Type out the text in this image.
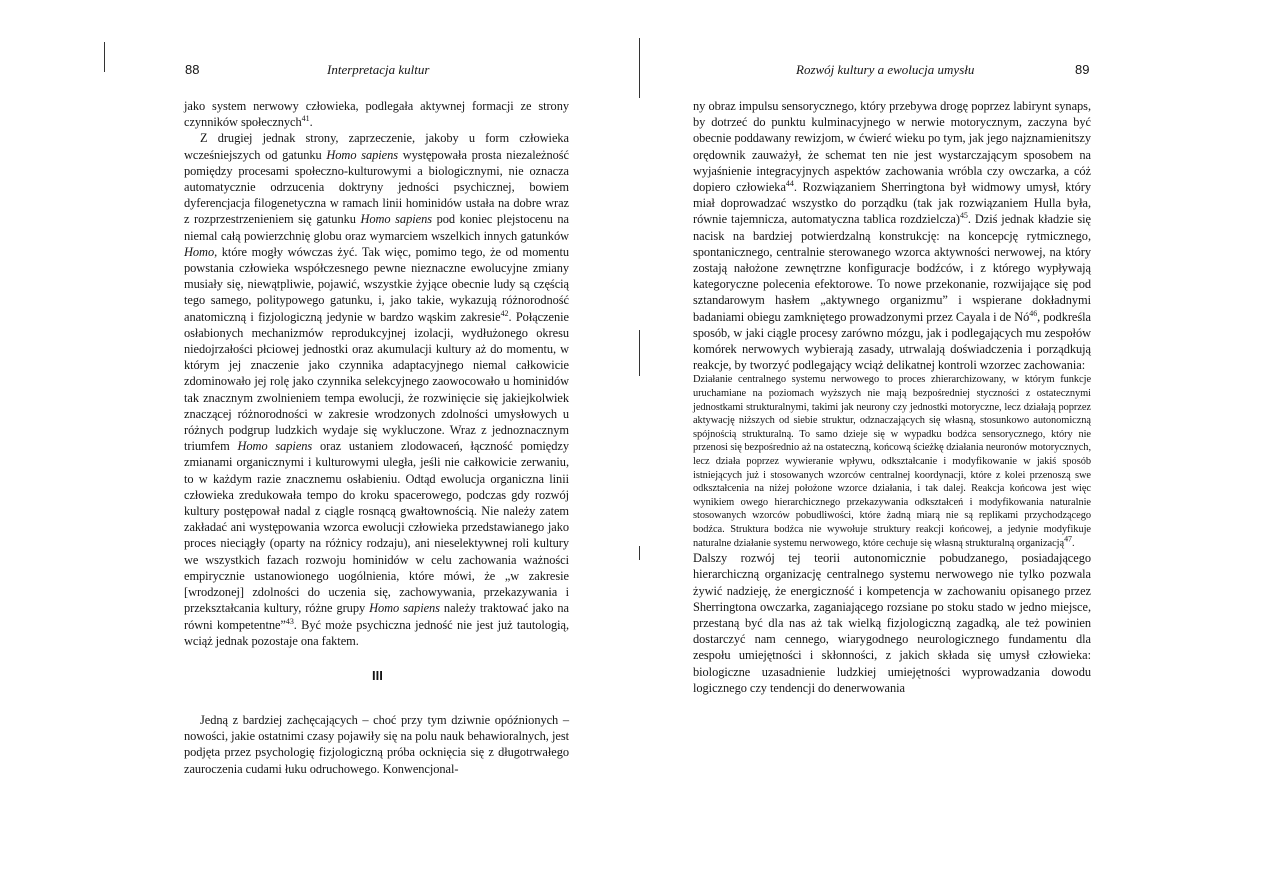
88	Interpretacja kultur

jako system nerwowy człowieka, podlegała aktywnej formacji ze strony czynników społecznych$^{41}$.

Z drugiej jednak strony, zaprzeczenie, jakoby u form człowieka wcześniejszych od gatunku Homo sapiens występowała prosta niezależność pomiędzy procesami społeczno-kulturowymi a biologicznymi, nie oznacza automatycznie odrzucenia doktryny jedności psychicznej, bowiem dyferencjacja filogenetyczna w ramach linii hominidów ustała na dobre wraz z rozprzestrzenieniem się gatunku Homo sapiens pod koniec plejstocenu na niemal całą powierzchnię globu oraz wymarciem wszelkich innych gatunków Homo, które mogły wówczas żyć. Tak więc, pomimo tego, że od momentu powstania człowieka współczesnego pewne nieznaczne ewolucyjne zmiany musiały się, niewątpliwie, pojawić, wszystkie żyjące obecnie ludy są częścią tego samego, politypowego gatunku, i, jako takie, wykazują różnorodność anatomiczną i fizjologiczną jedynie w bardzo wąskim zakresie$^{42}$. Połączenie osłabionych mechanizmów reprodukcyjnej izolacji, wydłużonego okresu niedojrzałości płciowej jednostki oraz akumulacji kultury aż do momentu, w którym jej znaczenie jako czynnika adaptacyjnego niemal całkowicie zdominowało jej rolę jako czynnika selekcyjnego zaowocowało u hominidów tak znacznym zwolnieniem tempa ewolucji, że rozwinięcie się jakiejkolwiek znaczącej różnorodności w zakresie wrodzonych zdolności umysłowych u różnych podgrup ludzkich wydaje się wykluczone. Wraz z jednoznacznym triumfem Homo sapiens oraz ustaniem zlodowaceń, łączność pomiędzy zmianami organicznymi i kulturowymi uległa, jeśli nie całkowicie zerwaniu, to w każdym razie znacznemu osłabieniu. Odtąd ewolucja organiczna linii człowieka zredukowała tempo do kroku spacerowego, podczas gdy rozwój kultury postępował nadal z ciągle rosnącą gwałtownością. Nie należy zatem zakładać ani występowania wzorca ewolucji człowieka przedstawianego jako proces nieciągły (oparty na różnicy rodzaju), ani nieselektywnej roli kultury we wszystkich fazach rozwoju hominidów w celu zachowania ważności empirycznie ustanowionego uogólnienia, które mówi, że „w zakresie [wrodzonej] zdolności do uczenia się, zachowywania, przekazywania i przekształcania kultury, różne grupy Homo sapiens należy traktować jako na równi kompetentne”$^{43}$. Być może psychiczna jedność nie jest już tautologią, wciąż jednak pozostaje ona faktem.

III

Jedną z bardziej zachęcających – choć przy tym dziwnie opóźnionych – nowości, jakie ostatnimi czasy pojawiły się na polu nauk behawioralnych, jest podjęta przez psychologię fizjologiczną próba ocknięcia się z długotrwałego zauroczenia cudami łuku odruchowego. Konwencjonal-

Rozwój kultury a ewolucja umysłu	89

ny obraz impulsu sensorycznego, który przebywa drogę poprzez labirynt synaps, by dotrzeć do punktu kulminacyjnego w nerwie motorycznym, zaczyna być obecnie poddawany rewizjom, w ćwierć wieku po tym, jak jego najznamienitszy orędownik zauważył, że schemat ten nie jest wystarczającym sposobem na wyjaśnienie integracyjnych aspektów zachowania wróbla czy owczarka, a cóż dopiero człowieka$^{44}$. Rozwiązaniem Sherringtona był widmowy umysł, który miał doprowadzać wszystko do porządku (tak jak rozwiązaniem Hulla była, równie tajemnicza, automatyczna tablica rozdzielcza)$^{45}$. Dziś jednak kładzie się nacisk na bardziej potwierdzalną konstrukcję: na koncepcję rytmicznego, spontanicznego, centralnie sterowanego wzorca aktywności nerwowej, na który zostają nałożone zewnętrzne konfiguracje bodźców, i z którego wypływają kategoryczne polecenia efektorowe. To nowe przekonanie, rozwijające się pod sztandarowym hasłem „aktywnego organizmu” i wspierane dokładnymi badaniami obiegu zamkniętego prowadzonymi przez Cayala i de Nó$^{46}$, podkreśla sposób, w jaki ciągle procesy zarówno mózgu, jak i podlegających mu zespołów komórek nerwowych wybierają zasady, utrwalają doświadczenia i porządkują reakcje, by tworzyć podlegający wciąż delikatnej kontroli wzorzec zachowania:

Działanie centralnego systemu nerwowego to proces zhierarchizowany, w którym funkcje uruchamiane na poziomach wyższych nie mają bezpośredniej styczności z ostatecznymi jednostkami strukturalnymi, takimi jak neurony czy jednostki motoryczne, lecz działają poprzez aktywację niższych od siebie struktur, odznaczających się własną, stosunkowo autonomiczną spójnością strukturalną. To samo dzieje się w wypadku bodźca sensorycznego, który nie przenosi się bezpośrednio aż na ostateczną, końcową ścieżkę działania neuronów motorycznych, lecz działa poprzez wywieranie wpływu, odkształcanie i modyfikowanie w jakiś sposób istniejących już i stosowanych wzorców centralnej koordynacji, które z kolei przenoszą swe odkształcenia na niżej położone wzorce działania, i tak dalej. Reakcja końcowa jest więc wynikiem owego hierarchicznego przekazywania odkształceń i modyfikowania naturalnie stosowanych wzorców pobudliwości, które żadną miarą nie są replikami przychodzącego bodźca. Struktura bodźca nie wywołuje struktury reakcji końcowej, a jedynie modyfikuje naturalne działanie systemu nerwowego, które cechuje się własną strukturalną organizacją$^{47}$.

Dalszy rozwój tej teorii autonomicznie pobudzanego, posiadającego hierarchiczną organizację centralnego systemu nerwowego nie tylko pozwala żywić nadzieję, że energiczność i kompetencja w zachowaniu opisanego przez Sherringtona owczarka, zaganiającego rozsiane po stoku stado w jedno miejsce, przestaną być dla nas aż tak wielką fizjologiczną zagadką, ale też powinien dostarczyć nam cennego, wiarygodnego neurologicznego fundamentu dla zespołu umiejętności i skłonności, z jakich składa się umysł człowieka: biologiczne uzasadnienie ludzkiej umiejętności wyprowadzania dowodu logicznego czy tendencji do denerwowania
